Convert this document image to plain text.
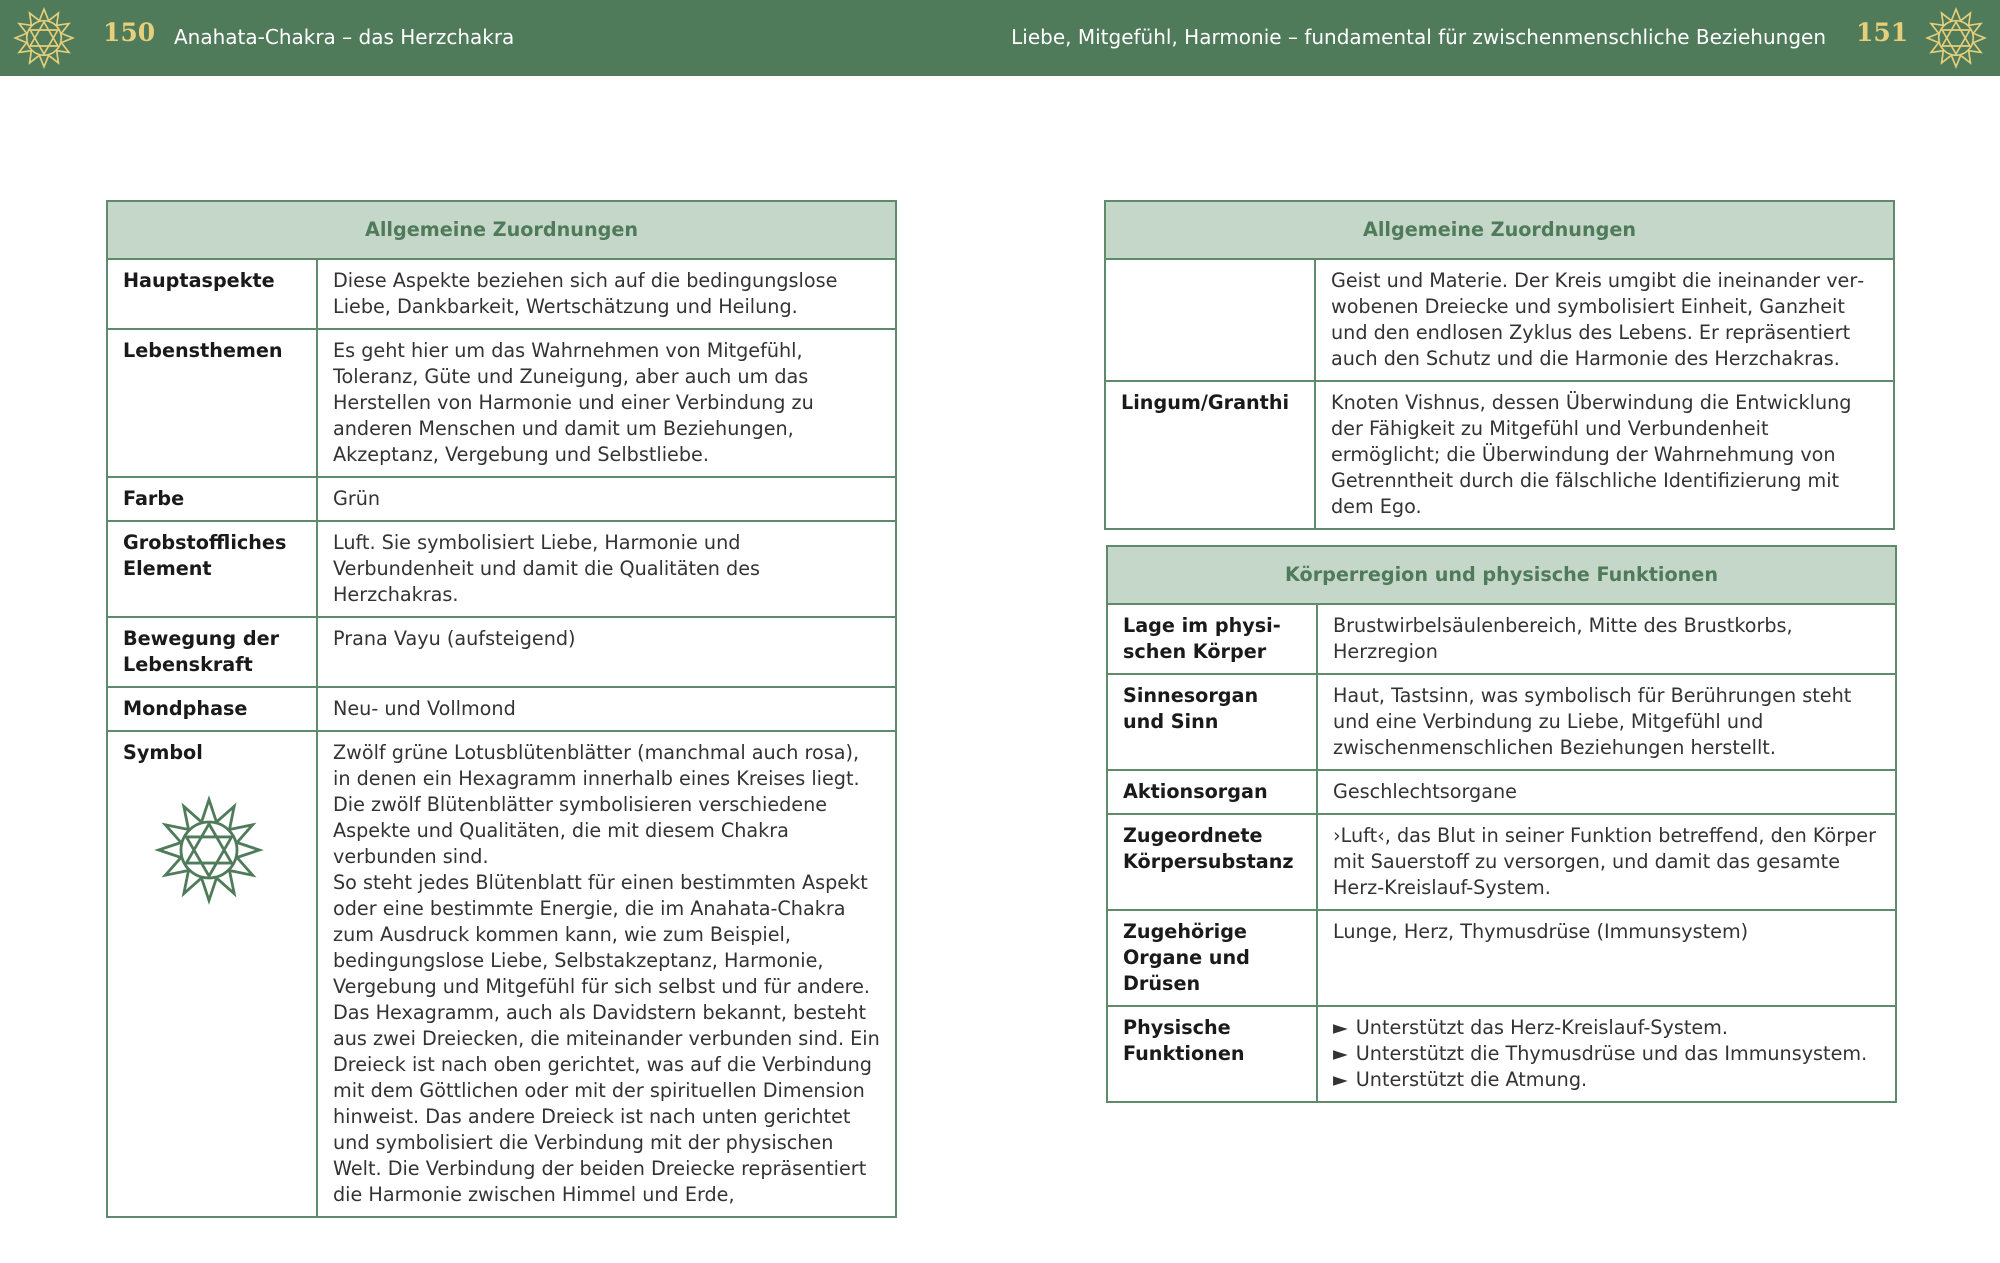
150 Anahata-Chakra – das Herzchakra	Liebe, Mitgefühl, Harmonie – fundamental für zwischenmenschliche Beziehungen 151
Allgemeine Zuordnungen	
Hauptaspekte	Diese Aspekte beziehen sich auf die bedingungslose Liebe, Dankbarkeit, Wertschätzung und Heilung.
Lebensthemen	Es geht hier um das Wahrnehmen von Mitgefühl, Toleranz, Güte und Zuneigung, aber auch um das Herstellen von Harmonie und einer Verbindung zu anderen Menschen und damit um Beziehungen, Akzeptanz, Vergebung und Selbstliebe.
Farbe	Grün
Grobstoffliches Element	Luft. Sie symbolisiert Liebe, Harmonie und Verbundenheit und damit die Qualitäten des Herzchakras.
Bewegung der Lebenskraft	Prana Vayu (aufsteigend)
Mondphase	Neu- und Vollmond
Symbol	Zwölf grüne Lotusblütenblätter (manchmal auch rosa), in denen ein Hexagramm innerhalb eines Kreises liegt. Die zwölf Blütenblätter symbolisieren verschiedene Aspekte und Qualitäten, die mit diesem Chakra verbunden sind.
So steht jedes Blütenblatt für einen bestimmten Aspekt oder eine bestimmte Energie, die im Anahata-Chakra zum Ausdruck kommen kann, wie zum Beispiel, bedingungslose Liebe, Selbstakzeptanz, Harmonie, Vergebung und Mitgefühl für sich selbst und für andere. Das Hexagramm, auch als Davidstern bekannt, besteht aus zwei Dreiecken, die miteinander verbunden sind. Ein Dreieck ist nach oben gerichtet, was auf die Verbindung mit dem Göttlichen oder mit der spirituellen Dimension hinweist. Das andere Dreieck ist nach unten gerichtet und symbolisiert die Verbindung mit der physischen Welt. Die Verbindung der beiden Dreiecke repräsentiert die Harmonie zwischen Himmel und Erde,
Allgemeine Zuordnungen	
	Geist und Materie. Der Kreis umgibt die ineinander verwobenen Dreiecke und symbolisiert Einheit, Ganzheit und den endlosen Zyklus des Lebens. Er repräsentiert auch den Schutz und die Harmonie des Herzchakras.
Lingum/Granthi	Knoten Vishnus, dessen Überwindung die Entwicklung der Fähigkeit zu Mitgefühl und Verbundenheit ermöglicht; die Überwindung der Wahrnehmung von Getrenntheit durch die fälschliche Identifizierung mit dem Ego.
Körperregion und physische Funktionen	
Lage im physischen Körper	Brustwirbelsäulenbereich, Mitte des Brustkorbs, Herzregion
Sinnesorgan und Sinn	Haut, Tastsinn, was symbolisch für Berührungen steht und eine Verbindung zu Liebe, Mitgefühl und zwischenmenschlichen Beziehungen herstellt.
Aktionsorgan	Geschlechtsorgane
Zugeordnete Körpersubstanz	›Luft‹, das Blut in seiner Funktion betreffend, den Körper mit Sauerstoff zu versorgen, und damit das gesamte Herz-Kreislauf-System.
Zugehörige Organe und Drüsen	Lunge, Herz, Thymusdrüse (Immunsystem)
Physische Funktionen	► Unterstützt das Herz-Kreislauf-System.
► Unterstützt die Thymusdrüse und das Immunsystem.
► Unterstützt die Atmung.
